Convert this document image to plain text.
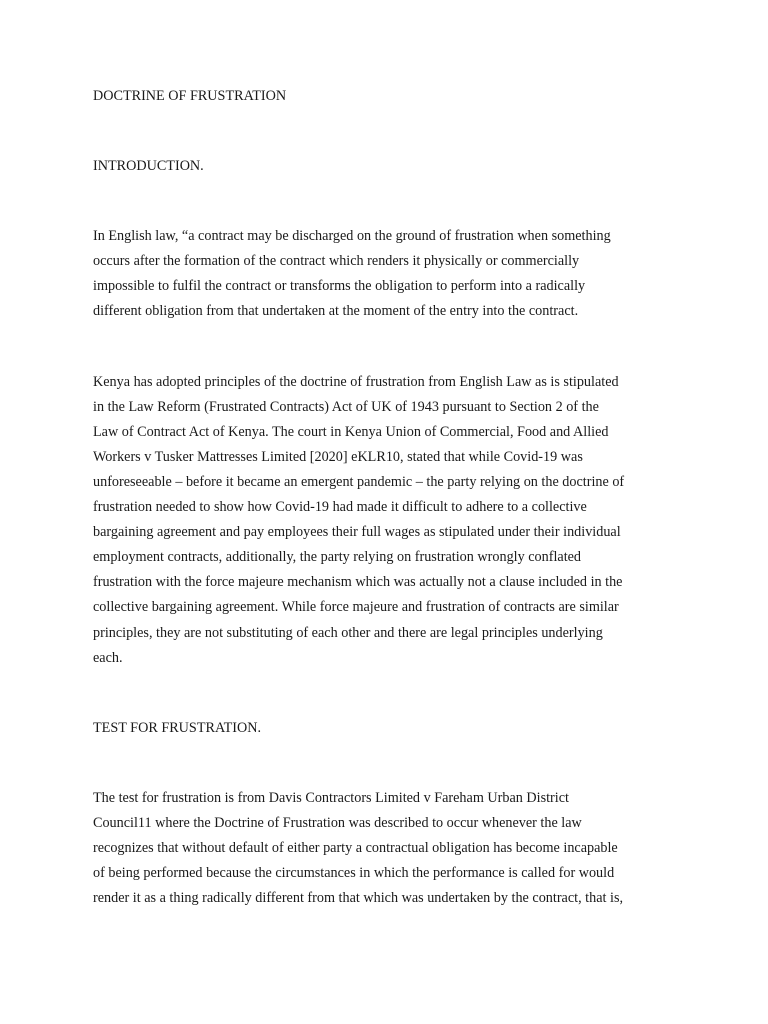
DOCTRINE OF FRUSTRATION

INTRODUCTION.

In English law, “a contract may be discharged on the ground of frustration when something
occurs after the formation of the contract which renders it physically or commercially
impossible to fulfil the contract or transforms the obligation to perform into a radically
different obligation from that undertaken at the moment of the entry into the contract.

Kenya has adopted principles of the doctrine of frustration from English Law as is stipulated
in the Law Reform (Frustrated Contracts) Act of UK of 1943 pursuant to Section 2 of the
Law of Contract Act of Kenya. The court in Kenya Union of Commercial, Food and Allied
Workers v Tusker Mattresses Limited [2020] eKLR10, stated that while Covid-19 was
unforeseeable – before it became an emergent pandemic – the party relying on the doctrine of
frustration needed to show how Covid-19 had made it difficult to adhere to a collective
bargaining agreement and pay employees their full wages as stipulated under their individual
employment contracts, additionally, the party relying on frustration wrongly conflated
frustration with the force majeure mechanism which was actually not a clause included in the
collective bargaining agreement. While force majeure and frustration of contracts are similar
principles, they are not substituting of each other and there are legal principles underlying
each.

TEST FOR FRUSTRATION.

The test for frustration is from Davis Contractors Limited v Fareham Urban District
Council11 where the Doctrine of Frustration was described to occur whenever the law
recognizes that without default of either party a contractual obligation has become incapable
of being performed because the circumstances in which the performance is called for would
render it as a thing radically different from that which was undertaken by the contract, that is,
